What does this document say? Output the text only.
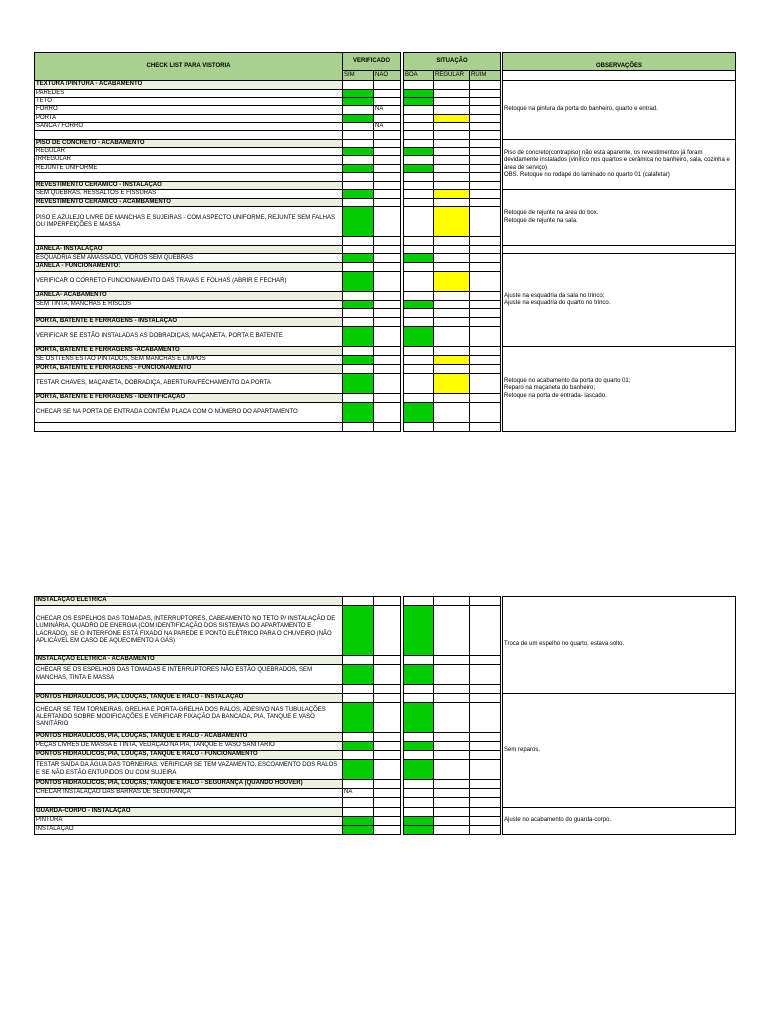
CHECK LIST PARA VISTORIA	VERIFICADO			SITUAÇÃO				OBSERVAÇÕES
	SIM	NÃO		BOA	REGULAR	RUIM		
TEXTURA /PINTURA - ACABAMENTO								Retoque na pintura da porta do banheiro, quarto e entrad.

PAREDES								
TETO								
FORRO		NA						
PORTA								
SANCA / FORRO		NA						

PISO DE CONCRETO - ACABAMENTO								Piso de concreto(contrapiso) não está aparente, os revestimentos já foram devidamente instalados (vinílico nos quartos e cerâmica no banheiro, sala, cozinha e área de serviço)
OBS. Retoque no rodapé do laminado no quarto 01 (calafetar)

REGULAR								
IRREGULAR								
REJUNTE UNIFORME								

REVESTIMENTO CERÂMICO - INSTALAÇÃO								
SEM QUEBRAS, RESSALTOS E FISSURAS								Retoque de rejunte na área do box.
Retoque de rejunte na sala.

REVESTIMENTO CERÂMICO - ACAMBAMENTO								
PISO E AZULEJO LIVRE DE MANCHAS E SUJEIRAS - COM ASPECTO UNIFORME, REJUNTE SEM FALHAS OU IMPERFEIÇÕES E MASSA								

JANELA- INSTALAÇÃO								
ESQUADRIA SEM AMASSADO, VIDROS SEM QUEBRAS								Ajuste na esquadria da sala no trinco;
Ajuste na esquadria do quarto no trinco.

JANELA - FUNCIONAMENTO:								
VERIFICAR O CORRETO FUNCIONAMENTO DAS TRAVAS E FOLHAS (ABRIR E FECHAR)								
JANELA- ACABAMENTO								
SEM TINTA, MANCHAS E RISCOS								

PORTA, BATENTE E FERRAGENS - INSTALAÇÃO								
VERIFICAR SE ESTÃO INSTALADAS AS DOBRADIÇAS, MAÇANETA, PORTA E BATENTE								
PORTA, BATENTE E FERRAGENS -ACABAMENTO								Retoque no acabamento da porta do quarto 01;
Reparo na maçaneta do banheiro;
Retoque na porta de entrada- lascado.

SE OS ITENS ESTÃO PINTADOS, SEM MANCHAS E LIMPOS								
PORTA, BATENTE E FERRAGENS - FUNCIONAMENTO								
TESTAR CHAVES, MAÇANETA, DOBRADIÇA, ABERTURA/FECHAMENTO DA PORTA								
PORTA, BATENTE E FERRAGENS - IDENTIFICAÇÃO								
CHECAR SE NA PORTA DE ENTRADA CONTÉM PLACA COM O NÚMERO DO APARTAMENTO								

INSTALAÇÃO ELÉTRICA								Troca de um espelho no quarto, estava solto.

CHECAR OS ESPELHOS DAS TOMADAS, INTERRUPTORES, CABEAMENTO NO TETO P/ INSTALAÇÃO DE LUMINÁRIA, QUADRO DE ENERGIA (COM IDENTIFICAÇÃO DOS SISTEMAS DO APARTAMENTO E LACRADO), SE O INTERFONE ESTÁ FIXADO NA PAREDE E PONTO ELÉTRICO PARA O CHUVEIRO (NÃO APLICÁVEL EM CASO DE AQUECIMENTO A GÁS)								
INSTALAÇÃO ELÉTRICA - ACABAMENTO								
CHECAR SE OS ESPELHOS DAS TOMADAS E INTERRUPTORES NÃO ESTÃO QUEBRADOS, SEM MANCHAS, TINTA E MASSA								

PONTOS HIDRÁULICOS, PIA, LOUÇAS, TANQUE E RALO - INSTALAÇÃO								Sem reparos.

CHECAR SE TEM TORNEIRAS, GRELHA E PORTA-GRELHA DOS RALOS, ADESIVO NAS TUBULAÇÕES ALERTANDO SOBRE MODIFICAÇÕES E VERIFICAR FIXAÇÃO DA BANCADA, PIA, TANQUE E VASO SANITÁRIO								
PONTOS HIDRÁULICOS, PIA, LOUÇAS, TANQUE E RALO - ACABAMENTO								
PEÇAS LIVRES DE MASSA E TINTA, VEDAÇÃO NA PIA, TANQUE E VASO SANITÁRIO								
PONTOS HIDRÁULICOS, PIA, LOUÇAS, TANQUE E RALO - FUNCIONAMENTO								
TESTAR SAÍDA DA ÁGUA DAS TORNEIRAS. VERIFICAR SE TEM VAZAMENTO, ESCOAMENTO DOS RALOS E SE NÃO ESTÃO ENTUPIDOS OU COM SUJEIRA								
PONTOS HIDRÁULICOS, PIA, LOUÇAS, TANQUE E RALO - SEGURANÇA (QUANDO HOUVER)								
CHECAR INSTALAÇÃO DAS BARRAS DE SEGURANÇA	NA							

GUARDA-CORPO - INSTALAÇÃO								Ajuste no acabamento do guarda-corpo.

PINTURA								
INSTALAÇÃO								
